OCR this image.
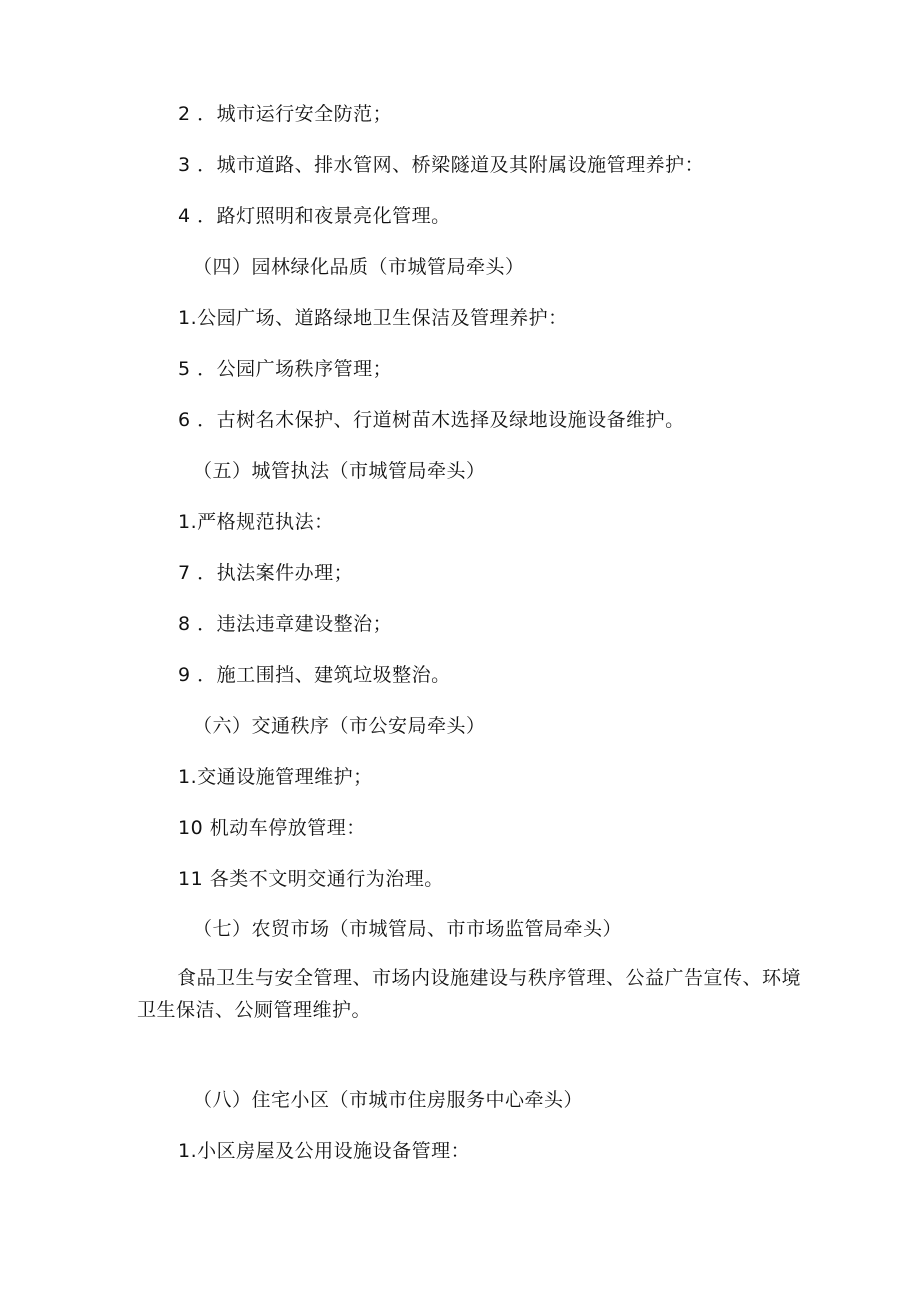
2 ．城市运行安全防范；

3 ．城市道路、排水管网、桥梁隧道及其附属设施管理养护：

4 ．路灯照明和夜景亮化管理。

（四）园林绿化品质（市城管局牵头）

1.公园广场、道路绿地卫生保洁及管理养护：

5 ．公园广场秩序管理；

6 ．古树名木保护、行道树苗木选择及绿地设施设备维护。

（五）城管执法（市城管局牵头）

1.严格规范执法：

7 ．执法案件办理；

8 ．违法违章建设整治；

9 ．施工围挡、建筑垃圾整治。

（六）交通秩序（市公安局牵头）

1.交通设施管理维护；

10 机动车停放管理：

11 各类不文明交通行为治理。

（七）农贸市场（市城管局、市市场监管局牵头）

食品卫生与安全管理、市场内设施建设与秩序管理、公益广告宣传、环境卫生保洁、公厕管理维护。

（八）住宅小区（市城市住房服务中心牵头）

1.小区房屋及公用设施设备管理：
